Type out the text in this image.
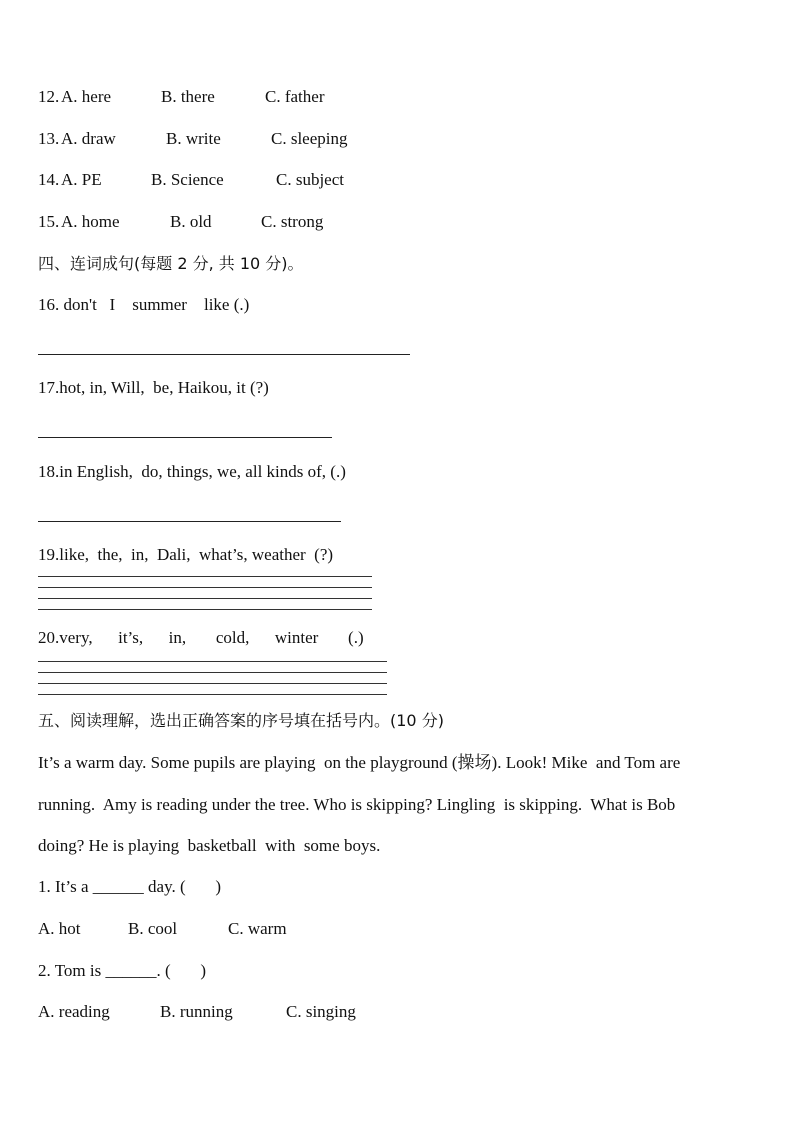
12. A. here	B. there	C. father
13. A. draw	B. write	C. sleeping
14. A. PE	B. Science	C. subject
15. A. home	B. old	C. strong
四、连词成句(每题 2 分, 共 10 分)。
16. don't   I    summer    like (.)
17.hot, in, Will,  be, Haikou, it (?)
18.in English,  do, things, we, all kinds of, (.)
19.like,  the,  in,  Dali,  what’s, weather  (?)
20.very,      it’s,      in,       cold,      winter       (.)
五、阅读理解，选出正确答案的序号填在括号内。(10 分)
It’s a warm day. Some pupils are playing  on the playground (操场). Look! Mike  and Tom are
running.  Amy is reading under the tree. Who is skipping? Lingling  is skipping.  What is Bob
doing? He is playing  basketball  with  some boys.
1. It’s a ______ day. (       )
A. hot	B. cool	C. warm
2. Tom is ______. (       )
A. reading	B. running	C. singing
